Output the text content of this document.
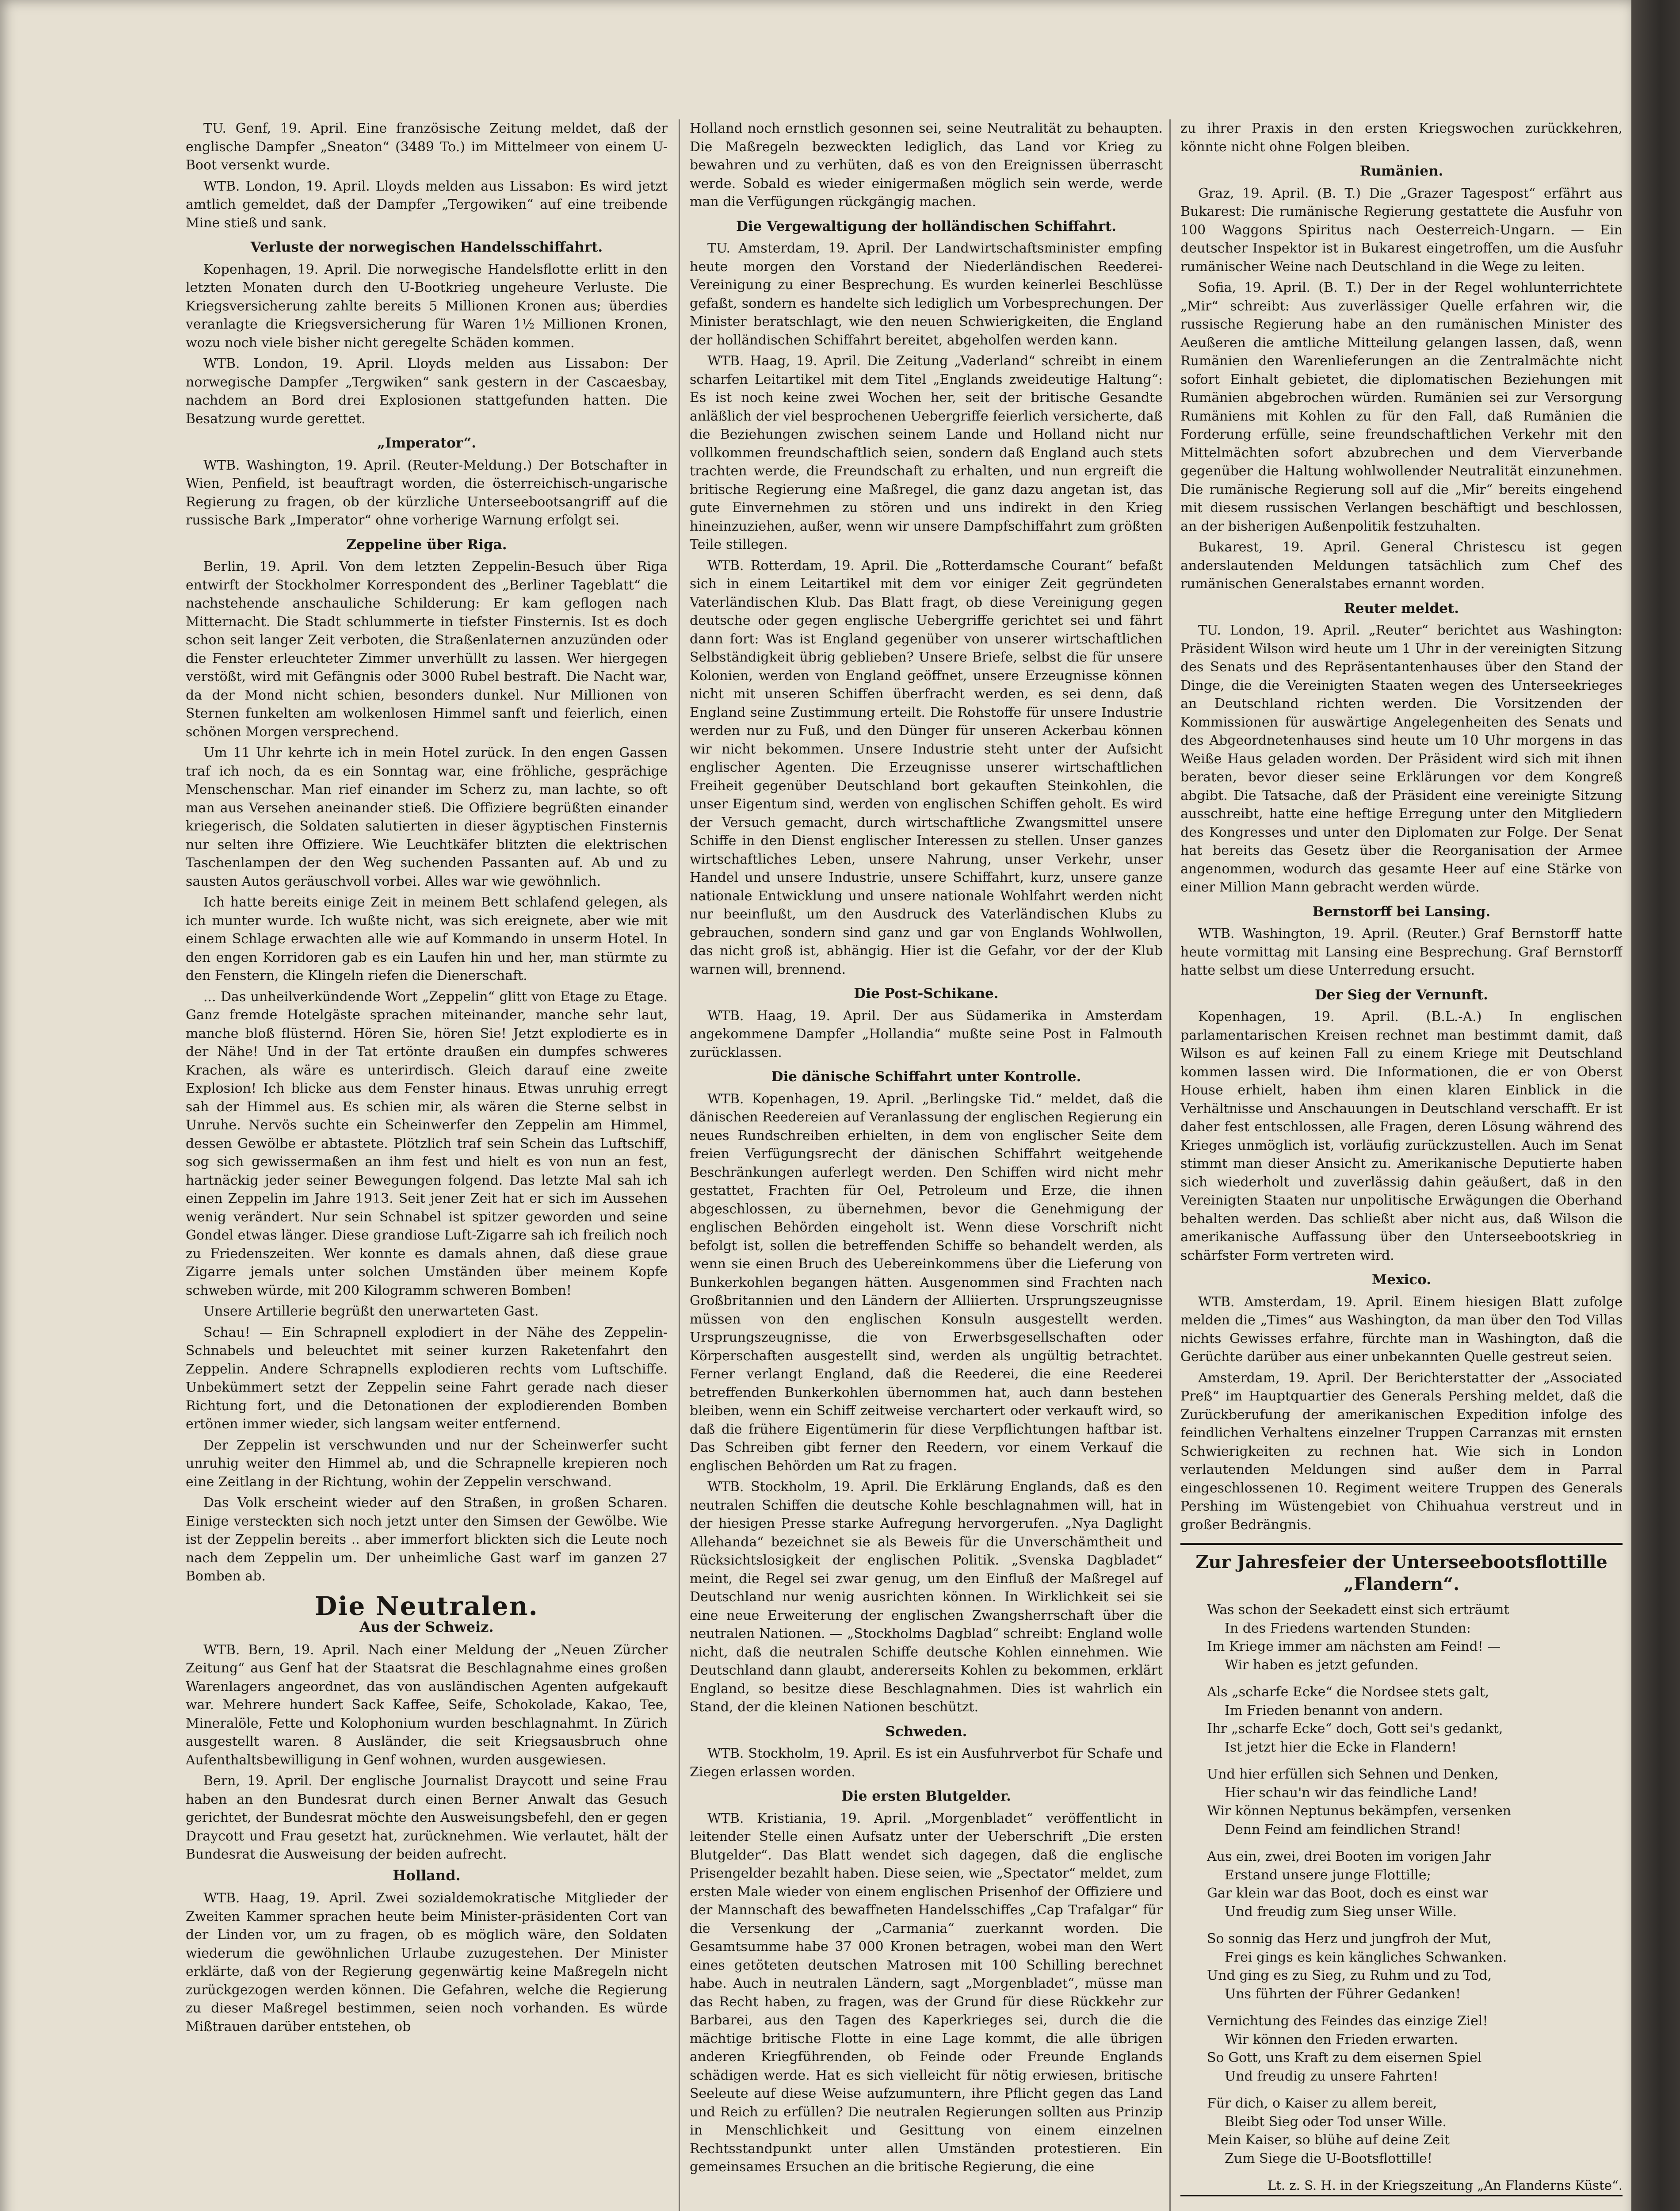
TU. Genf, 19. April. Eine französische Zeitung meldet, daß der englische Dampfer „Sneaton“ (3489 To.) im Mittelmeer von einem U-Boot versenkt wurde.
WTB. London, 19. April. Lloyds melden aus Lissabon: Es wird jetzt amtlich gemeldet, daß der Dampfer „Tergowiken“ auf eine treibende Mine stieß und sank.
Verluste der norwegischen Handelsschiffahrt.
Kopenhagen, 19. April. Die norwegische Handelsflotte erlitt in den letzten Monaten durch den U-Bootkrieg ungeheure Verluste. Die Kriegsversicherung zahlte bereits 5 Millionen Kronen aus; überdies veranlagte die Kriegsversicherung für Waren 1½ Millionen Kronen, wozu noch viele bisher nicht geregelte Schäden kommen.
WTB. London, 19. April. Lloyds melden aus Lissabon: Der norwegische Dampfer „Tergwiken“ sank gestern in der Cascaesbay, nachdem an Bord drei Explosionen stattgefunden hatten. Die Besatzung wurde gerettet.
„Imperator“.
WTB. Washington, 19. April. (Reuter-Meldung.) Der Botschafter in Wien, Penfield, ist beauftragt worden, die österreichisch-ungarische Regierung zu fragen, ob der kürzliche Unterseebootsangriff auf die russische Bark „Imperator“ ohne vorherige Warnung erfolgt sei.
Zeppeline über Riga.
Berlin, 19. April. Von dem letzten Zeppelin-Besuch über Riga entwirft der Stockholmer Korrespondent des „Berliner Tageblatt“ die nachstehende anschauliche Schilderung: Er kam geflogen nach Mitternacht. Die Stadt schlummerte in tiefster Finsternis. Ist es doch schon seit langer Zeit verboten, die Straßenlaternen anzuzünden oder die Fenster erleuchteter Zimmer unverhüllt zu lassen. Wer hiergegen verstößt, wird mit Gefängnis oder 3000 Rubel bestraft. Die Nacht war, da der Mond nicht schien, besonders dunkel. Nur Millionen von Sternen funkelten am wolkenlosen Himmel sanft und feierlich, einen schönen Morgen versprechend.
Um 11 Uhr kehrte ich in mein Hotel zurück. In den engen Gassen traf ich noch, da es ein Sonntag war, eine fröhliche, gesprächige Menschenschar. Man rief einander im Scherz zu, man lachte, so oft man aus Versehen aneinander stieß. Die Offiziere begrüßten einander kriegerisch, die Soldaten salutierten in dieser ägyptischen Finsternis nur selten ihre Offiziere. Wie Leuchtkäfer blitzten die elektrischen Taschenlampen der den Weg suchenden Passanten auf. Ab und zu sausten Autos geräuschvoll vorbei. Alles war wie gewöhnlich.
Ich hatte bereits einige Zeit in meinem Bett schlafend gelegen, als ich munter wurde. Ich wußte nicht, was sich ereignete, aber wie mit einem Schlage erwachten alle wie auf Kommando in unserm Hotel. In den engen Korridoren gab es ein Laufen hin und her, man stürmte zu den Fenstern, die Klingeln riefen die Dienerschaft.
... Das unheilverkündende Wort „Zeppelin“ glitt von Etage zu Etage. Ganz fremde Hotelgäste sprachen miteinander, manche sehr laut, manche bloß flüsternd. Hören Sie, hören Sie! Jetzt explodierte es in der Nähe! Und in der Tat ertönte draußen ein dumpfes schweres Krachen, als wäre es unterirdisch. Gleich darauf eine zweite Explosion! Ich blicke aus dem Fenster hinaus. Etwas unruhig erregt sah der Himmel aus. Es schien mir, als wären die Sterne selbst in Unruhe. Nervös suchte ein Scheinwerfer den Zeppelin am Himmel, dessen Gewölbe er abtastete. Plötzlich traf sein Schein das Luftschiff, sog sich gewissermaßen an ihm fest und hielt es von nun an fest, hartnäckig jeder seiner Bewegungen folgend. Das letzte Mal sah ich einen Zeppelin im Jahre 1913. Seit jener Zeit hat er sich im Aussehen wenig verändert. Nur sein Schnabel ist spitzer geworden und seine Gondel etwas länger. Diese grandiose Luft-Zigarre sah ich freilich noch zu Friedenszeiten. Wer konnte es damals ahnen, daß diese graue Zigarre jemals unter solchen Umständen über meinem Kopfe schweben würde, mit 200 Kilogramm schweren Bomben!
Unsere Artillerie begrüßt den unerwarteten Gast.
Schau! — Ein Schrapnell explodiert in der Nähe des Zeppelin-Schnabels und beleuchtet mit seiner kurzen Raketenfahrt den Zeppelin. Andere Schrapnells explodieren rechts vom Luftschiffe. Unbekümmert setzt der Zeppelin seine Fahrt gerade nach dieser Richtung fort, und die Detonationen der explodierenden Bomben ertönen immer wieder, sich langsam weiter entfernend.
Der Zeppelin ist verschwunden und nur der Scheinwerfer sucht unruhig weiter den Himmel ab, und die Schrapnelle krepieren noch eine Zeitlang in der Richtung, wohin der Zeppelin verschwand.
Das Volk erscheint wieder auf den Straßen, in großen Scharen. Einige versteckten sich noch jetzt unter den Simsen der Gewölbe. Wie ist der Zeppelin bereits .. aber immerfort blickten sich die Leute noch nach dem Zeppelin um. Der unheimliche Gast warf im ganzen 27 Bomben ab.
Die Neutralen.
Aus der Schweiz.
WTB. Bern, 19. April. Nach einer Meldung der „Neuen Zürcher Zeitung“ aus Genf hat der Staatsrat die Beschlagnahme eines großen Warenlagers angeordnet, das von ausländischen Agenten aufgekauft war. Mehrere hundert Sack Kaffee, Seife, Schokolade, Kakao, Tee, Mineralöle, Fette und Kolophonium wurden beschlagnahmt. In Zürich ausgestellt waren. 8 Ausländer, die seit Kriegsausbruch ohne Aufenthaltsbewilligung in Genf wohnen, wurden ausgewiesen.
Bern, 19. April. Der englische Journalist Draycott und seine Frau haben an den Bundesrat durch einen Berner Anwalt das Gesuch gerichtet, der Bundesrat möchte den Ausweisungsbefehl, den er gegen Draycott und Frau gesetzt hat, zurücknehmen. Wie verlautet, hält der Bundesrat die Ausweisung der beiden aufrecht.
Holland.
WTB. Haag, 19. April. Zwei sozialdemokratische Mitglieder der Zweiten Kammer sprachen heute beim Minister-präsidenten Cort van der Linden vor, um zu fragen, ob es möglich wäre, den Soldaten wiederum die gewöhnlichen Urlaube zuzugestehen. Der Minister erklärte, daß von der Regierung gegenwärtig keine Maßregeln nicht zurückgezogen werden können. Die Gefahren, welche die Regierung zu dieser Maßregel bestimmen, seien noch vorhanden. Es würde Mißtrauen darüber entstehen, ob
Holland noch ernstlich gesonnen sei, seine Neutralität zu behaupten. Die Maßregeln bezweckten lediglich, das Land vor Krieg zu bewahren und zu verhüten, daß es von den Ereignissen überrascht werde. Sobald es wieder einigermaßen möglich sein werde, werde man die Verfügungen rückgängig machen.
Die Vergewaltigung der holländischen Schiffahrt.
TU. Amsterdam, 19. April. Der Landwirtschaftsminister empfing heute morgen den Vorstand der Niederländischen Reederei-Vereinigung zu einer Besprechung. Es wurden keinerlei Beschlüsse gefaßt, sondern es handelte sich lediglich um Vorbesprechungen. Der Minister beratschlagt, wie den neuen Schwierigkeiten, die England der holländischen Schiffahrt bereitet, abgeholfen werden kann.
WTB. Haag, 19. April. Die Zeitung „Vaderland“ schreibt in einem scharfen Leitartikel mit dem Titel „Englands zweideutige Haltung“: Es ist noch keine zwei Wochen her, seit der britische Gesandte anläßlich der viel besprochenen Uebergriffe feierlich versicherte, daß die Beziehungen zwischen seinem Lande und Holland nicht nur vollkommen freundschaftlich seien, sondern daß England auch stets trachten werde, die Freundschaft zu erhalten, und nun ergreift die britische Regierung eine Maßregel, die ganz dazu angetan ist, das gute Einvernehmen zu stören und uns indirekt in den Krieg hineinzuziehen, außer, wenn wir unsere Dampfschiffahrt zum größten Teile stillegen.
WTB. Rotterdam, 19. April. Die „Rotterdamsche Courant“ befaßt sich in einem Leitartikel mit dem vor einiger Zeit gegründeten Vaterländischen Klub. Das Blatt fragt, ob diese Vereinigung gegen deutsche oder gegen englische Uebergriffe gerichtet sei und fährt dann fort: Was ist England gegenüber von unserer wirtschaftlichen Selbständigkeit übrig geblieben? Unsere Briefe, selbst die für unsere Kolonien, werden von England geöffnet, unsere Erzeugnisse können nicht mit unseren Schiffen überfracht werden, es sei denn, daß England seine Zustimmung erteilt. Die Rohstoffe für unsere Industrie werden nur zu Fuß, und den Dünger für unseren Ackerbau können wir nicht bekommen. Unsere Industrie steht unter der Aufsicht englischer Agenten. Die Erzeugnisse unserer wirtschaftlichen Freiheit gegenüber Deutschland bort gekauften Steinkohlen, die unser Eigentum sind, werden von englischen Schiffen geholt. Es wird der Versuch gemacht, durch wirtschaftliche Zwangsmittel unsere Schiffe in den Dienst englischer Interessen zu stellen. Unser ganzes wirtschaftliches Leben, unsere Nahrung, unser Verkehr, unser Handel und unsere Industrie, unsere Schiffahrt, kurz, unsere ganze nationale Entwicklung und unsere nationale Wohlfahrt werden nicht nur beeinflußt, um den Ausdruck des Vaterländischen Klubs zu gebrauchen, sondern sind ganz und gar von Englands Wohlwollen, das nicht groß ist, abhängig. Hier ist die Gefahr, vor der der Klub warnen will, brennend.
Die Post-Schikane.
WTB. Haag, 19. April. Der aus Südamerika in Amsterdam angekommene Dampfer „Hollandia“ mußte seine Post in Falmouth zurücklassen.
Die dänische Schiffahrt unter Kontrolle.
WTB. Kopenhagen, 19. April. „Berlingske Tid.“ meldet, daß die dänischen Reedereien auf Veranlassung der englischen Regierung ein neues Rundschreiben erhielten, in dem von englischer Seite dem freien Verfügungsrecht der dänischen Schiffahrt weitgehende Beschränkungen auferlegt werden. Den Schiffen wird nicht mehr gestattet, Frachten für Oel, Petroleum und Erze, die ihnen abgeschlossen, zu übernehmen, bevor die Genehmigung der englischen Behörden eingeholt ist. Wenn diese Vorschrift nicht befolgt ist, sollen die betreffenden Schiffe so behandelt werden, als wenn sie einen Bruch des Uebereinkommens über die Lieferung von Bunkerkohlen begangen hätten. Ausgenommen sind Frachten nach Großbritannien und den Ländern der Alliierten. Ursprungszeugnisse müssen von den englischen Konsuln ausgestellt werden. Ursprungszeugnisse, die von Erwerbsgesellschaften oder Körperschaften ausgestellt sind, werden als ungültig betrachtet. Ferner verlangt England, daß die Reederei, die eine Reederei betreffenden Bunkerkohlen übernommen hat, auch dann bestehen bleiben, wenn ein Schiff zeitweise verchartert oder verkauft wird, so daß die frühere Eigentümerin für diese Verpflichtungen haftbar ist. Das Schreiben gibt ferner den Reedern, vor einem Verkauf die englischen Behörden um Rat zu fragen.
WTB. Stockholm, 19. April. Die Erklärung Englands, daß es den neutralen Schiffen die deutsche Kohle beschlagnahmen will, hat in der hiesigen Presse starke Aufregung hervorgerufen. „Nya Daglight Allehanda“ bezeichnet sie als Beweis für die Unverschämtheit und Rücksichtslosigkeit der englischen Politik. „Svenska Dagbladet“ meint, die Regel sei zwar genug, um den Einfluß der Maßregel auf Deutschland nur wenig ausrichten können. In Wirklichkeit sei sie eine neue Erweiterung der englischen Zwangsherrschaft über die neutralen Nationen. — „Stockholms Dagblad“ schreibt: England wolle nicht, daß die neutralen Schiffe deutsche Kohlen einnehmen. Wie Deutschland dann glaubt, andererseits Kohlen zu bekommen, erklärt England, so besitze diese Beschlagnahmen. Dies ist wahrlich ein Stand, der die kleinen Nationen beschützt.
Schweden.
WTB. Stockholm, 19. April. Es ist ein Ausfuhrverbot für Schafe und Ziegen erlassen worden.
Die ersten Blutgelder.
WTB. Kristiania, 19. April. „Morgenbladet“ veröffentlicht in leitender Stelle einen Aufsatz unter der Ueberschrift „Die ersten Blutgelder“. Das Blatt wendet sich dagegen, daß die englische Prisengelder bezahlt haben. Diese seien, wie „Spectator“ meldet, zum ersten Male wieder von einem englischen Prisenhof der Offiziere und der Mannschaft des bewaffneten Handelsschiffes „Cap Trafalgar“ für die Versenkung der „Carmania“ zuerkannt worden. Die Gesamtsumme habe 37 000 Kronen betragen, wobei man den Wert eines getöteten deutschen Matrosen mit 100 Schilling berechnet habe. Auch in neutralen Ländern, sagt „Morgenbladet“, müsse man das Recht haben, zu fragen, was der Grund für diese Rückkehr zur Barbarei, aus den Tagen des Kaperkrieges sei, durch die die mächtige britische Flotte in eine Lage kommt, die alle übrigen anderen Kriegführenden, ob Feinde oder Freunde Englands schädigen werde. Hat es sich vielleicht für nötig erwiesen, britische Seeleute auf diese Weise aufzumuntern, ihre Pflicht gegen das Land und Reich zu erfüllen? Die neutralen Regierungen sollten aus Prinzip in Menschlichkeit und Gesittung von einem einzelnen Rechtsstandpunkt unter allen Umständen protestieren. Ein gemeinsames Ersuchen an die britische Regierung, die eine
zu ihrer Praxis in den ersten Kriegswochen zurückkehren, könnte nicht ohne Folgen bleiben.
Rumänien.
Graz, 19. April. (B. T.) Die „Grazer Tagespost“ erfährt aus Bukarest: Die rumänische Regierung gestattete die Ausfuhr von 100 Waggons Spiritus nach Oesterreich-Ungarn. — Ein deutscher Inspektor ist in Bukarest eingetroffen, um die Ausfuhr rumänischer Weine nach Deutschland in die Wege zu leiten.
Sofia, 19. April. (B. T.) Der in der Regel wohlunterrichtete „Mir“ schreibt: Aus zuverlässiger Quelle erfahren wir, die russische Regierung habe an den rumänischen Minister des Aeußeren die amtliche Mitteilung gelangen lassen, daß, wenn Rumänien den Warenlieferungen an die Zentralmächte nicht sofort Einhalt gebietet, die diplomatischen Beziehungen mit Rumänien abgebrochen würden. Rumänien sei zur Versorgung Rumäniens mit Kohlen zu für den Fall, daß Rumänien die Forderung erfülle, seine freundschaftlichen Verkehr mit den Mittelmächten sofort abzubrechen und dem Vierverbande gegenüber die Haltung wohlwollender Neutralität einzunehmen. Die rumänische Regierung soll auf die „Mir“ bereits eingehend mit diesem russischen Verlangen beschäftigt und beschlossen, an der bisherigen Außenpolitik festzuhalten.
Bukarest, 19. April. General Christescu ist gegen anderslautenden Meldungen tatsächlich zum Chef des rumänischen Generalstabes ernannt worden.
Reuter meldet.
TU. London, 19. April. „Reuter“ berichtet aus Washington: Präsident Wilson wird heute um 1 Uhr in der vereinigten Sitzung des Senats und des Repräsentantenhauses über den Stand der Dinge, die die Vereinigten Staaten wegen des Unterseekrieges an Deutschland richten werden. Die Vorsitzenden der Kommissionen für auswärtige Angelegenheiten des Senats und des Abgeordnetenhauses sind heute um 10 Uhr morgens in das Weiße Haus geladen worden. Der Präsident wird sich mit ihnen beraten, bevor dieser seine Erklärungen vor dem Kongreß abgibt. Die Tatsache, daß der Präsident eine vereinigte Sitzung ausschreibt, hatte eine heftige Erregung unter den Mitgliedern des Kongresses und unter den Diplomaten zur Folge. Der Senat hat bereits das Gesetz über die Reorganisation der Armee angenommen, wodurch das gesamte Heer auf eine Stärke von einer Million Mann gebracht werden würde.
Bernstorff bei Lansing.
WTB. Washington, 19. April. (Reuter.) Graf Bernstorff hatte heute vormittag mit Lansing eine Besprechung. Graf Bernstorff hatte selbst um diese Unterredung ersucht.
Der Sieg der Vernunft.
Kopenhagen, 19. April. (B.L.-A.) In englischen parlamentarischen Kreisen rechnet man bestimmt damit, daß Wilson es auf keinen Fall zu einem Kriege mit Deutschland kommen lassen wird. Die Informationen, die er von Oberst House erhielt, haben ihm einen klaren Einblick in die Verhältnisse und Anschauungen in Deutschland verschafft. Er ist daher fest entschlossen, alle Fragen, deren Lösung während des Krieges unmöglich ist, vorläufig zurückzustellen. Auch im Senat stimmt man dieser Ansicht zu. Amerikanische Deputierte haben sich wiederholt und zuverlässig dahin geäußert, daß in den Vereinigten Staaten nur unpolitische Erwägungen die Oberhand behalten werden. Das schließt aber nicht aus, daß Wilson die amerikanische Auffassung über den Unterseebootskrieg in schärfster Form vertreten wird.
Mexico.
WTB. Amsterdam, 19. April. Einem hiesigen Blatt zufolge melden die „Times“ aus Washington, da man über den Tod Villas nichts Gewisses erfahre, fürchte man in Washington, daß die Gerüchte darüber aus einer unbekannten Quelle gestreut seien.
Amsterdam, 19. April. Der Berichterstatter der „Associated Preß“ im Hauptquartier des Generals Pershing meldet, daß die Zurückberufung der amerikanischen Expedition infolge des feindlichen Verhaltens einzelner Truppen Carranzas mit ernsten Schwierigkeiten zu rechnen hat. Wie sich in London verlautenden Meldungen sind außer dem in Parral eingeschlossenen 10. Regiment weitere Truppen des Generals Pershing im Wüstengebiet von Chihuahua verstreut und in großer Bedrängnis.
Zur Jahresfeier der Unterseebootsflottille „Flandern“.
Was schon der Seekadett einst sich erträumt
In des Friedens wartenden Stunden:
Im Kriege immer am nächsten am Feind! —
Wir haben es jetzt gefunden.
Als „scharfe Ecke“ die Nordsee stets galt,
Im Frieden benannt von andern.
Ihr „scharfe Ecke“ doch, Gott sei's gedankt,
Ist jetzt hier die Ecke in Flandern!
Und hier erfüllen sich Sehnen und Denken,
Hier schau'n wir das feindliche Land!
Wir können Neptunus bekämpfen, versenken
Denn Feind am feindlichen Strand!
Aus ein, zwei, drei Booten im vorigen Jahr
Erstand unsere junge Flottille;
Gar klein war das Boot, doch es einst war
Und freudig zum Sieg unser Wille.
So sonnig das Herz und jungfroh der Mut,
Frei gings es kein kängliches Schwanken.
Und ging es zu Sieg, zu Ruhm und zu Tod,
Uns führten der Führer Gedanken!
Vernichtung des Feindes das einzige Ziel!
Wir können den Frieden erwarten.
So Gott, uns Kraft zu dem eisernen Spiel
Und freudig zu unsere Fahrten!
Für dich, o Kaiser zu allem bereit,
Bleibt Sieg oder Tod unser Wille.
Mein Kaiser, so blühe auf deine Zeit
Zum Siege die U-Bootsflottille!
Lt. z. S. H. in der Kriegszeitung „An Flanderns Küste“.
